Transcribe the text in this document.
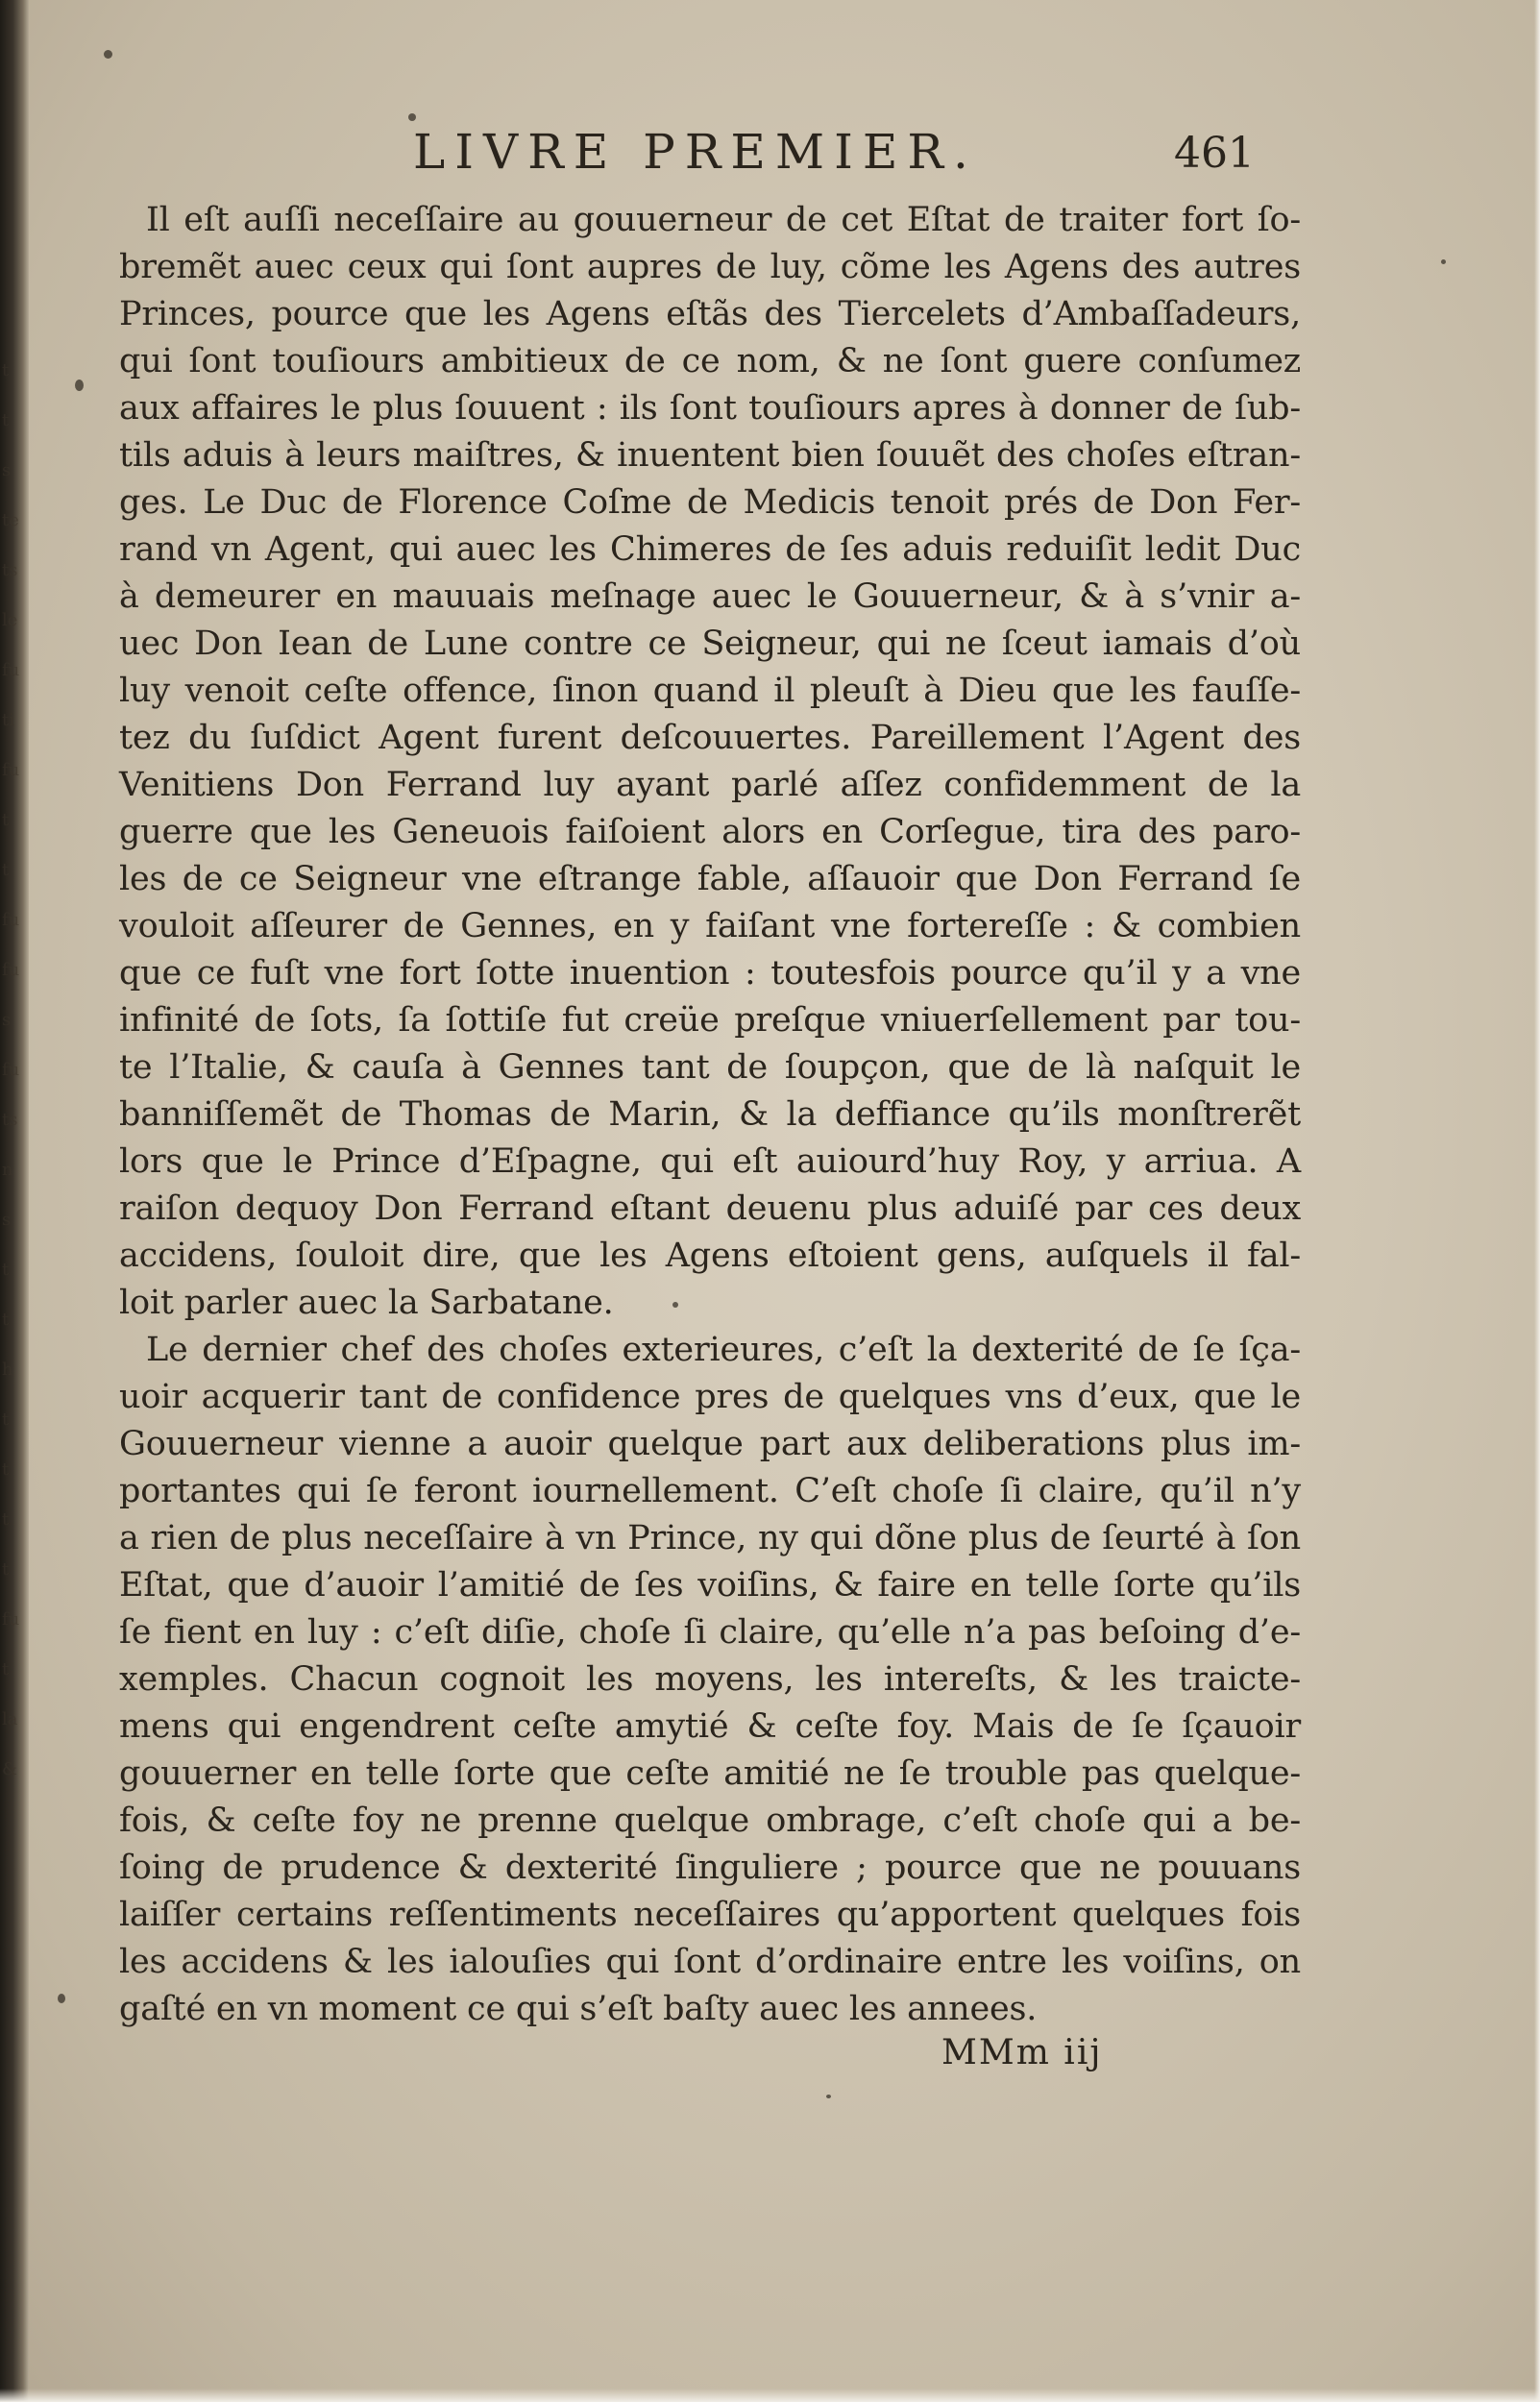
t
t
s
te
ts
le
fu
ti
fu
t
t
fu
fu
s
fu
ts
n
s
t
t
h
t
t
t
t
fu
t
la
&
LIVRE PREMIER.	461
Il eſt auſſi neceſſaire au gouuerneur de cet Eſtat de traiter fort ſo-
bremẽt auec ceux qui ſont aupres de luy, cõme les Agens des autres
Princes, pource que les Agens eſtãs des Tiercelets d’Ambaſſadeurs,
qui ſont touſiours ambitieux de ce nom, & ne ſont guere conſumez
aux affaires le plus ſouuent : ils ſont touſiours apres à donner de ſub-
tils aduis à leurs maiſtres, & inuentent bien ſouuẽt des choſes eſtran-
ges. Le Duc de Florence Coſme de Medicis tenoit prés de Don Fer-
rand vn Agent, qui auec les Chimeres de ſes aduis reduiſit ledit Duc
à demeurer en mauuais meſnage auec le Gouuerneur, & à s’vnir a-
uec Don Iean de Lune contre ce Seigneur, qui ne ſceut iamais d’où
luy venoit ceſte offence, ſinon quand il pleuſt à Dieu que les fauſſe-
tez du ſuſdict Agent furent deſcouuertes. Pareillement l’Agent des
Venitiens Don Ferrand luy ayant parlé aſſez confidemment de la
guerre que les Geneuois faiſoient alors en Corſegue, tira des paro-
les de ce Seigneur vne eſtrange fable, aſſauoir que Don Ferrand ſe
vouloit aſſeurer de Gennes, en y faiſant vne fortereſſe : & combien
que ce fuſt vne fort ſotte inuention : toutesfois pource qu’il y a vne
infinité de ſots, ſa ſottiſe fut creüe preſque vniuerſellement par tou-
te l’Italie, & cauſa à Gennes tant de ſoupçon, que de là naſquit le
banniſſemẽt de Thomas de Marin, & la deffiance qu’ils monſtrerẽt
lors que le Prince d’Eſpagne, qui eſt auiourd’huy Roy, y arriua. A
raiſon dequoy Don Ferrand eſtant deuenu plus aduiſé par ces deux
accidens, ſouloit dire, que les Agens eſtoient gens, auſquels il fal-
loit parler auec la Sarbatane.
Le dernier chef des choſes exterieures, c’eſt la dexterité de ſe ſça-
uoir acquerir tant de confidence pres de quelques vns d’eux, que le
Gouuerneur vienne a auoir quelque part aux deliberations plus im-
portantes qui ſe feront iournellement. C’eſt choſe ſi claire, qu’il n’y
a rien de plus neceſſaire à vn Prince, ny qui dõne plus de ſeurté à ſon
Eſtat, que d’auoir l’amitié de ſes voiſins, & faire en telle ſorte qu’ils
ſe fient en luy : c’eſt diſie, choſe ſi claire, qu’elle n’a pas beſoing d’e-
xemples. Chacun cognoit les moyens, les intereſts, & les traicte-
mens qui engendrent ceſte amytié & ceſte foy. Mais de ſe ſçauoir
gouuerner en telle ſorte que ceſte amitié ne ſe trouble pas quelque-
fois, & ceſte foy ne prenne quelque ombrage, c’eſt choſe qui a be-
ſoing de prudence & dexterité ſinguliere ; pource que ne pouuans
laiſſer certains reſſentiments neceſſaires qu’apportent quelques fois
les accidens & les ialouſies qui ſont d’ordinaire entre les voiſins, on
gaſté en vn moment ce qui s’eſt baſty auec les annees.
MMm iij
